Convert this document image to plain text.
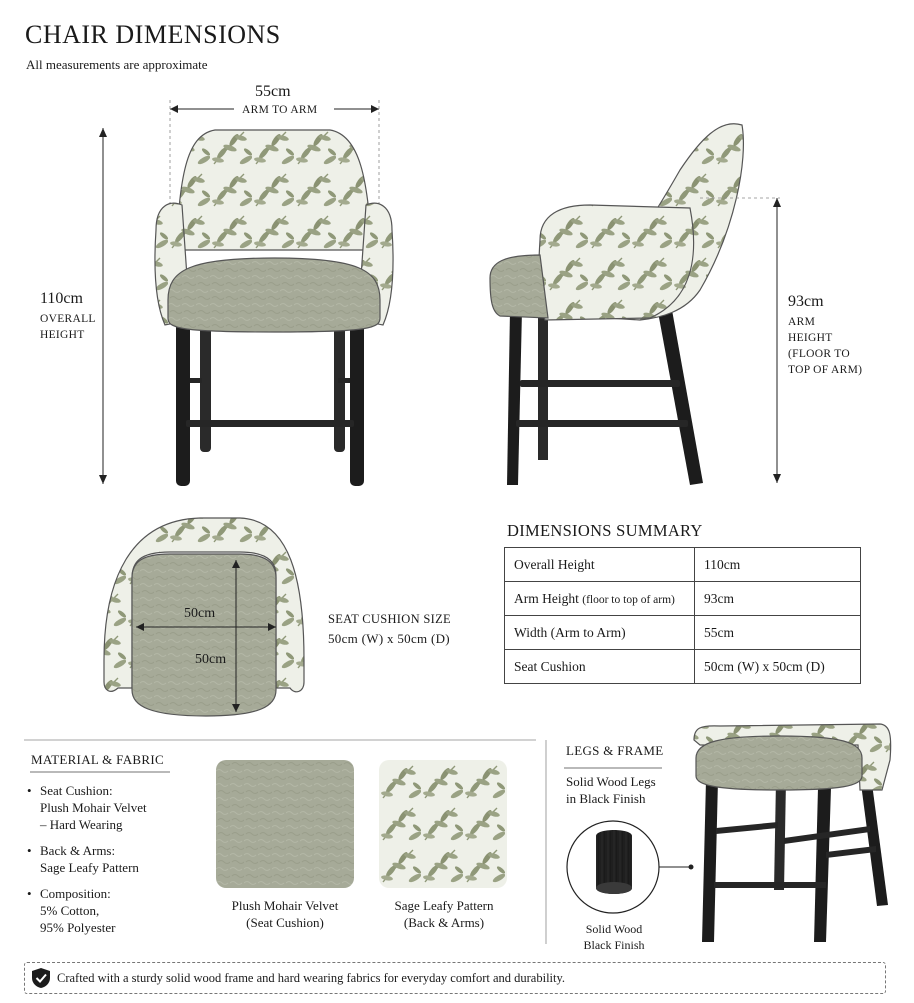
CHAIR DIMENSIONS
All measurements are approximate
55cm
ARM TO ARM
110cm
OVERALL
HEIGHT
93cm
ARM
HEIGHT
(FLOOR TO
TOP OF ARM)
50cm
50cm
SEAT CUSHION SIZE
50cm (W) x 50cm (D)
DIMENSIONS SUMMARY
Overall Height	110cm
Arm Height (floor to top of arm)	93cm
Width (Arm to Arm)	55cm
Seat Cushion	50cm (W) x 50cm (D)
MATERIAL & FABRIC
• Seat Cushion:
Plush Mohair Velvet
– Hard Wearing
• Back & Arms:
Sage Leafy Pattern
• Composition:
5% Cotton,
95% Polyester
Plush Mohair Velvet
(Seat Cushion)
Sage Leafy Pattern
(Back & Arms)
LEGS & FRAME
Solid Wood Legs
in Black Finish
Solid Wood
Black Finish
Crafted with a sturdy solid wood frame and hard wearing fabrics for everyday comfort and durability.
